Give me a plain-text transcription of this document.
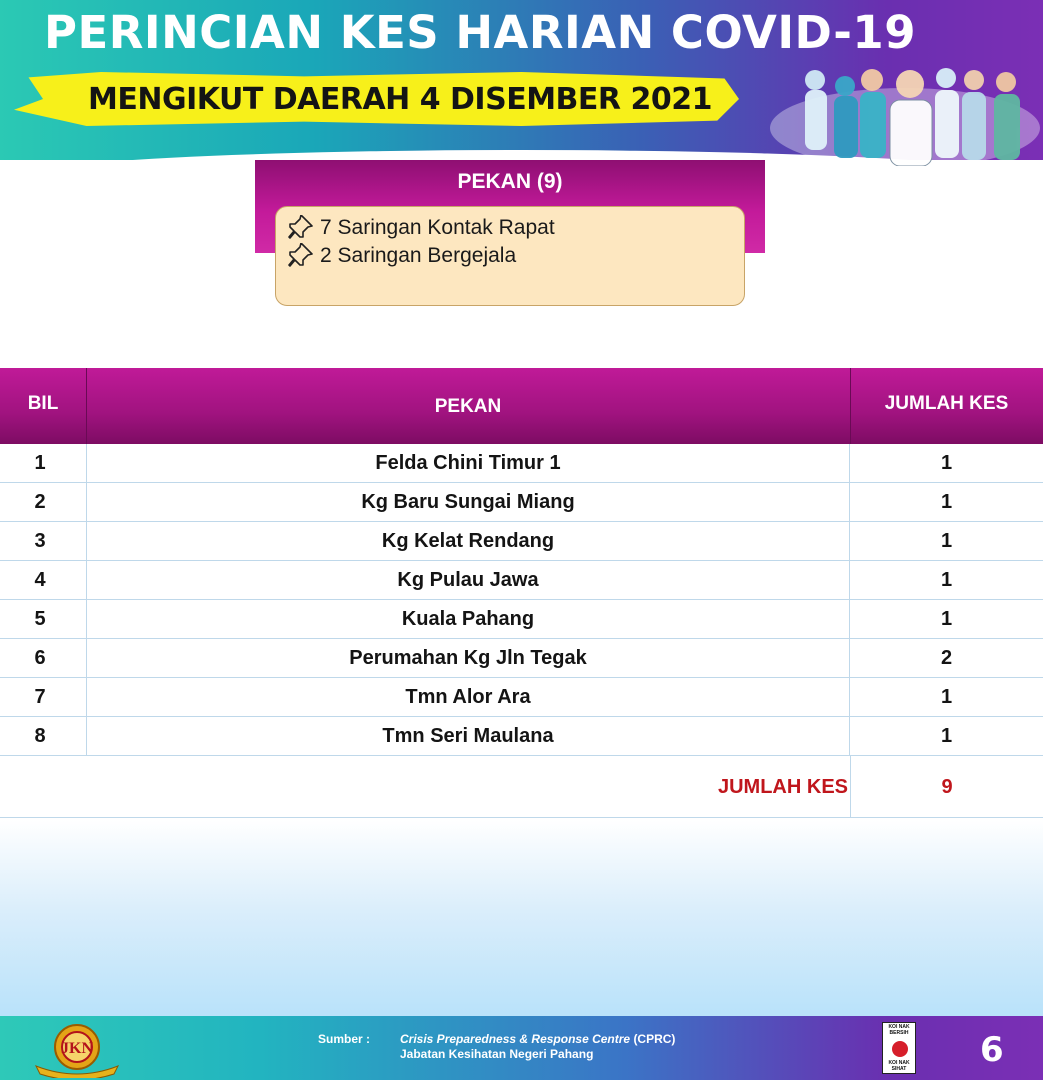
PERINCIAN KES HARIAN COVID-19
MENGIKUT DAERAH 4 DISEMBER 2021
PEKAN (9)
7 Saringan Kontak Rapat
2 Saringan Bergejala
BIL	PEKAN	JUMLAH KES
1	Felda Chini Timur 1	1
2	Kg Baru Sungai Miang	1
3	Kg Kelat Rendang	1
4	Kg Pulau Jawa	1
5	Kuala Pahang	1
6	Perumahan Kg Jln Tegak	2
7	Tmn Alor Ara	1
8	Tmn Seri Maulana	1
JUMLAH KES	9
JKN
Sumber : Crisis Preparedness & Response Centre (CPRC)
Jabatan Kesihatan Negeri Pahang
KOI NAK BERSIH
KOI NAK SIHAT 6
